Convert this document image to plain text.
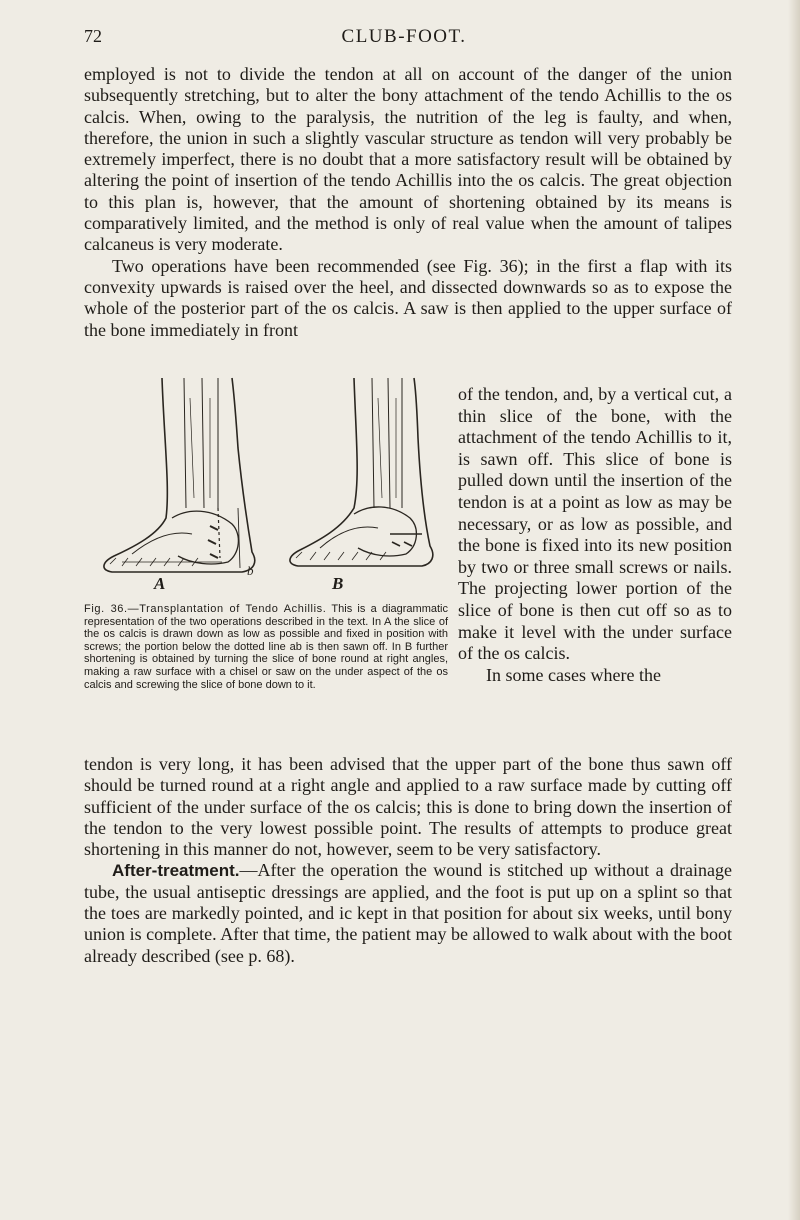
72	CLUB-FOOT.

employed is not to divide the tendon at all on account of the danger of the union subsequently stretching, but to alter the bony attachment of the tendo Achillis to the os calcis. When, owing to the paralysis, the nutrition of the leg is faulty, and when, therefore, the union in such a slightly vascular structure as tendon will very probably be extremely imperfect, there is no doubt that a more satisfactory result will be obtained by altering the point of insertion of the tendo Achillis into the os calcis. The great objection to this plan is, however, that the amount of shortening obtained by its means is comparatively limited, and the method is only of real value when the amount of talipes calcaneus is very moderate.

Two operations have been recommended (see Fig. 36); in the first a flap with its convexity upwards is raised over the heel, and dissected downwards so as to expose the whole of the posterior part of the os calcis. A saw is then applied to the upper surface of the bone immediately in front

b
A	B
Fig. 36.—Transplantation of Tendo Achillis. This is a diagrammatic representation of the two operations described in the text. In A the slice of the os calcis is drawn down as low as possible and fixed in position with screws; the portion below the dotted line ab is then sawn off. In B further shortening is obtained by turning the slice of bone round at right angles, making a raw surface with a chisel or saw on the under aspect of the os calcis and screwing the slice of bone down to it.

of the tendon, and, by a vertical cut, a thin slice of the bone, with the attachment of the tendo Achillis to it, is sawn off. This slice of bone is pulled down until the insertion of the tendon is at a point as low as may be necessary, or as low as possible, and the bone is fixed into its new position by two or three small screws or nails. The projecting lower portion of the slice of bone is then cut off so as to make it level with the under surface of the os calcis.

In some cases where the

tendon is very long, it has been advised that the upper part of the bone thus sawn off should be turned round at a right angle and applied to a raw surface made by cutting off sufficient of the under surface of the os calcis; this is done to bring down the insertion of the tendon to the very lowest possible point. The results of attempts to produce great shortening in this manner do not, however, seem to be very satisfactory.

After-treatment.—After the operation the wound is stitched up without a drainage tube, the usual antiseptic dressings are applied, and the foot is put up on a splint so that the toes are markedly pointed, and ic kept in that position for about six weeks, until bony union is complete. After that time, the patient may be allowed to walk about with the boot already described (see p. 68).
